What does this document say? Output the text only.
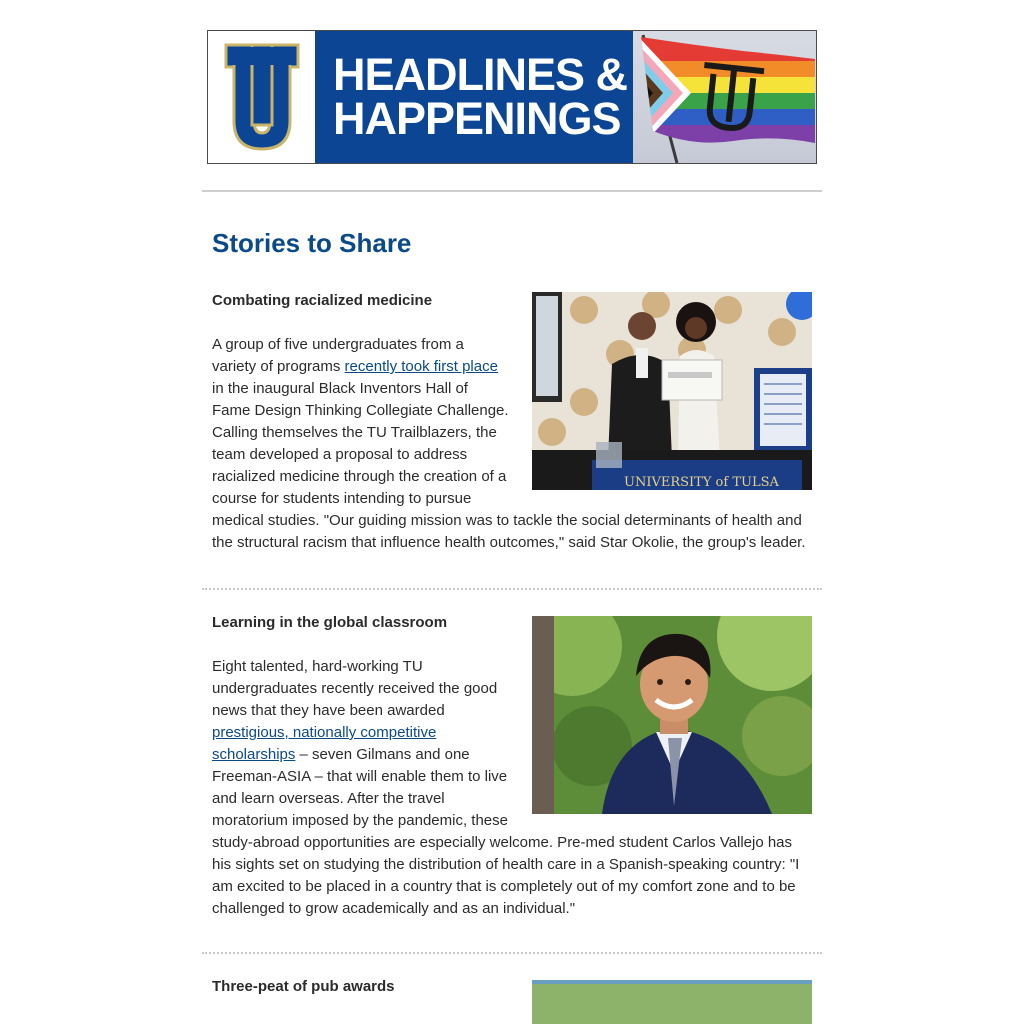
HEADLINES &
HAPPENINGS
Stories to Share
UNIVERSITY of TULSA
Combating racialized medicine

A group of five undergraduates from a variety of programs recently took first place in the inaugural Black Inventors Hall of Fame Design Thinking Collegiate Challenge. Calling themselves the TU Trailblazers, the team developed a proposal to address racialized medicine through the creation of a course for students intending to pursue medical studies. "Our guiding mission was to tackle the social determinants of health and the structural racism that influence health outcomes," said Star Okolie, the group's leader.

Learning in the global classroom

Eight talented, hard-working TU undergraduates recently received the good news that they have been awarded prestigious, nationally competitive scholarships – seven Gilmans and one Freeman-ASIA – that will enable them to live and learn overseas. After the travel moratorium imposed by the pandemic, these study-abroad opportunities are especially welcome. Pre-med student Carlos Vallejo has his sights set on studying the distribution of health care in a Spanish-speaking country: "I am excited to be placed in a country that is completely out of my comfort zone and to be challenged to grow academically and as an individual."

Three-peat of pub awards
